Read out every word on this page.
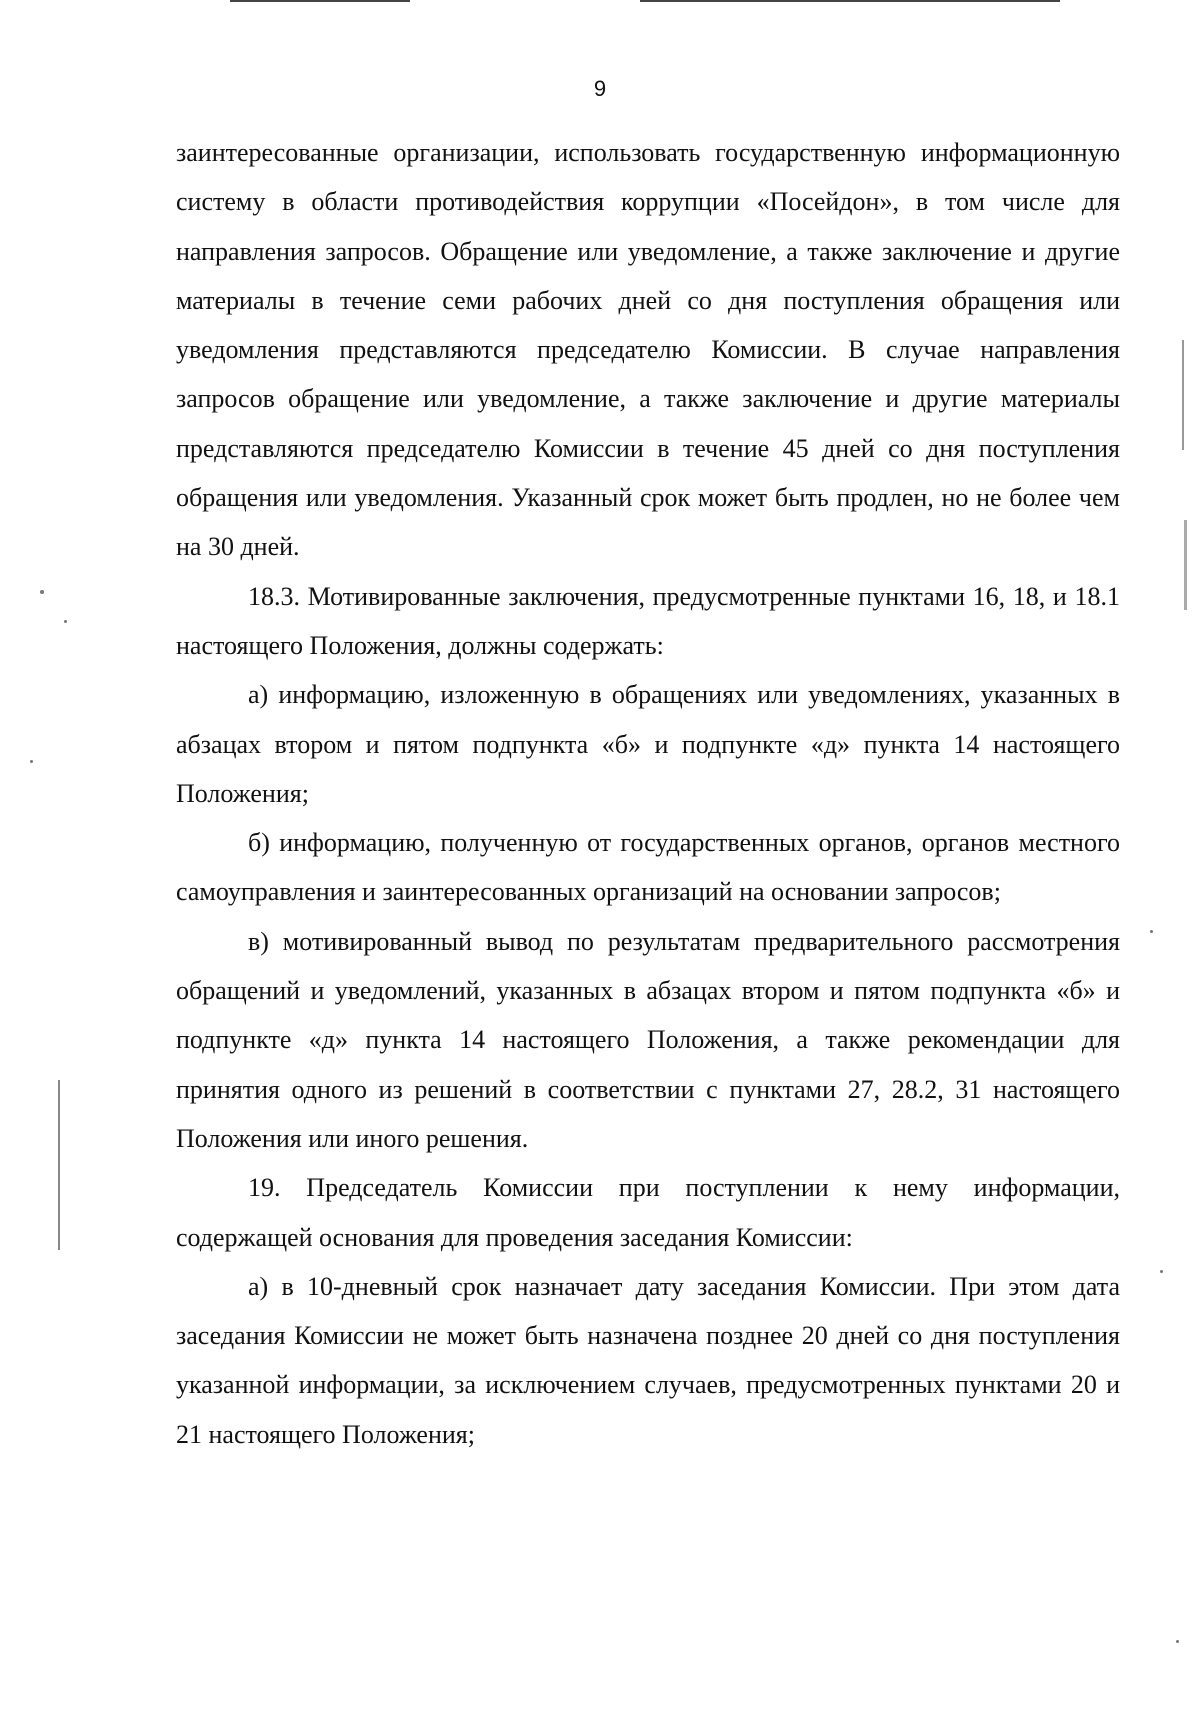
9

заинтересованные организации, использовать государственную информационную систему в области противодействия коррупции «Посейдон», в том числе для направления запросов. Обращение или уведомление, а также заключение и другие материалы в течение семи рабочих дней со дня поступления обращения или уведомления представляются председателю Комиссии. В случае направления запросов обращение или уведомление, а также заключение и другие материалы представляются председателю Комиссии в течение 45 дней со дня поступления обращения или уведомления. Указанный срок может быть продлен, но не более чем на 30 дней.

18.3. Мотивированные заключения, предусмотренные пунктами 16, 18, и 18.1 настоящего Положения, должны содержать:

а) информацию, изложенную в обращениях или уведомлениях, указанных в абзацах втором и пятом подпункта «б» и подпункте «д» пункта 14 настоящего Положения;

б) информацию, полученную от государственных органов, органов местного самоуправления и заинтересованных организаций на основании запросов;

в) мотивированный вывод по результатам предварительного рассмотрения обращений и уведомлений, указанных в абзацах втором и пятом подпункта «б» и подпункте «д» пункта 14 настоящего Положения, а также рекомендации для принятия одного из решений в соответствии с пунктами 27, 28.2, 31 настоящего Положения или иного решения.

19. Председатель Комиссии при поступлении к нему информации, содержащей основания для проведения заседания Комиссии:

а) в 10-дневный срок назначает дату заседания Комиссии. При этом дата заседания Комиссии не может быть назначена позднее 20 дней со дня поступления указанной информации, за исключением случаев, предусмотренных пунктами 20 и 21 настоящего Положения;
